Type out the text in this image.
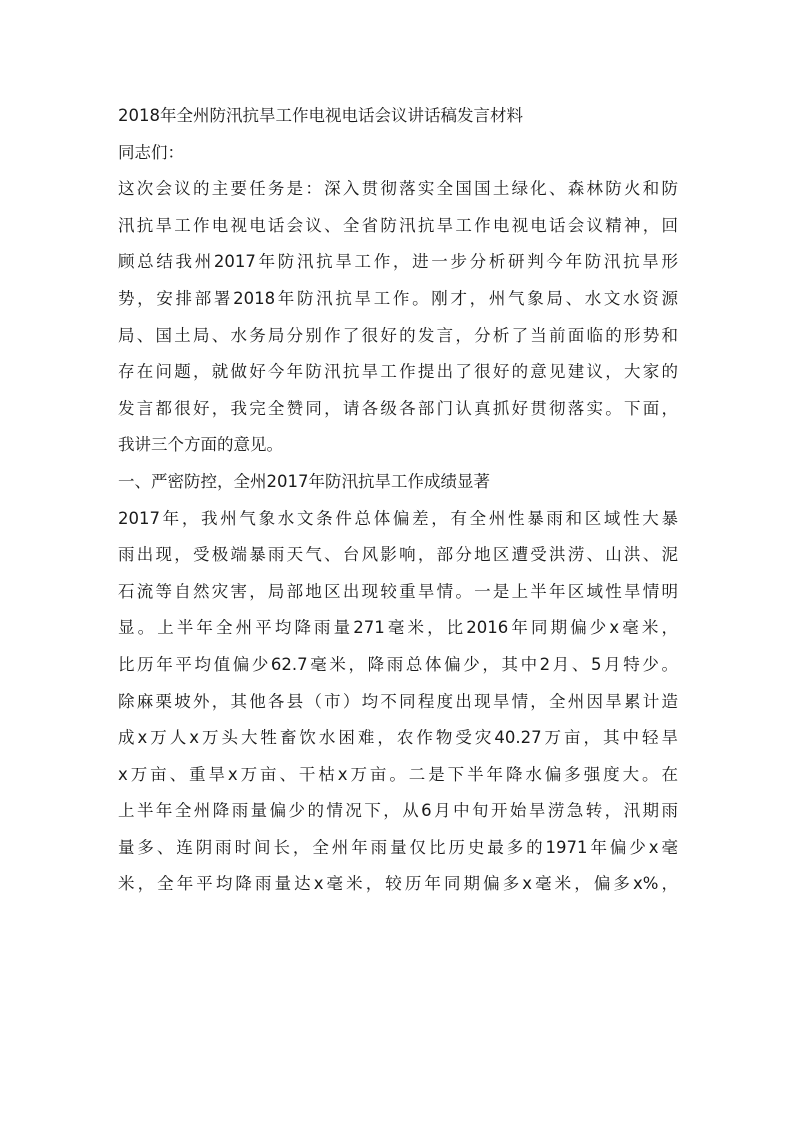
2018年全州防汛抗旱工作电视电话会议讲话稿发言材料
同志们：
这次会议的主要任务是：深入贯彻落实全国国土绿化、森林防火和防
汛抗旱工作电视电话会议、全省防汛抗旱工作电视电话会议精神，回
顾总结我州2017年防汛抗旱工作，进一步分析研判今年防汛抗旱形
势，安排部署2018年防汛抗旱工作。刚才，州气象局、水文水资源
局、国土局、水务局分别作了很好的发言，分析了当前面临的形势和
存在问题，就做好今年防汛抗旱工作提出了很好的意见建议，大家的
发言都很好，我完全赞同，请各级各部门认真抓好贯彻落实。下面，
我讲三个方面的意见。
一、严密防控，全州2017年防汛抗旱工作成绩显著
2017年，我州气象水文条件总体偏差，有全州性暴雨和区域性大暴
雨出现，受极端暴雨天气、台风影响，部分地区遭受洪涝、山洪、泥
石流等自然灾害，局部地区出现较重旱情。一是上半年区域性旱情明
显。上半年全州平均降雨量271毫米，比2016年同期偏少x毫米，
比历年平均值偏少62.7毫米，降雨总体偏少，其中2月、5月特少。
除麻栗坡外，其他各县（市）均不同程度出现旱情，全州因旱累计造
成x万人x万头大牲畜饮水困难，农作物受灾40.27万亩，其中轻旱
x万亩、重旱x万亩、干枯x万亩。二是下半年降水偏多强度大。在
上半年全州降雨量偏少的情况下，从6月中旬开始旱涝急转，汛期雨
量多、连阴雨时间长，全州年雨量仅比历史最多的1971年偏少x毫
米，全年平均降雨量达x毫米，较历年同期偏多x毫米，偏多x%，
